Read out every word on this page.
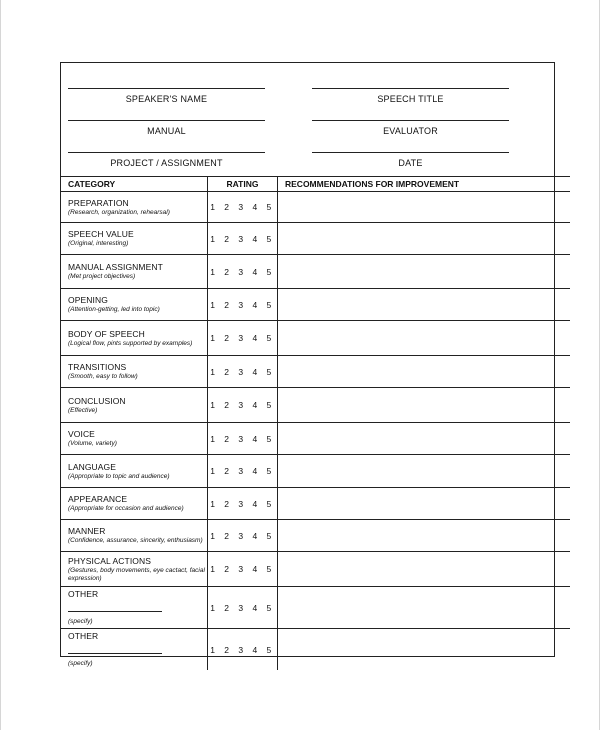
SPEAKER'S NAME	SPEECH TITLE
MANUAL	EVALUATOR
PROJECT / ASSIGNMENT	DATE
CATEGORY	RATING	RECOMMENDATIONS FOR IMPROVEMENT

PREPARATION
(Research, organization, rehearsal)	1 2 3 4 5	

SPEECH VALUE
(Original, interesting)	1 2 3 4 5	

MANUAL ASSIGNMENT
(Met project objectives)	1 2 3 4 5	

OPENING
(Attention-getting, led into topic)	1 2 3 4 5	

BODY OF SPEECH
(Logical flow, pints supported by examples)	1 2 3 4 5	

TRANSITIONS
(Smooth, easy to follow)	1 2 3 4 5	

CONCLUSION
(Effective)	1 2 3 4 5	

VOICE
(Volume, variety)	1 2 3 4 5	

LANGUAGE
(Appropriate to topic and audience)	1 2 3 4 5	

APPEARANCE
(Appropriate for occasion and audience)	1 2 3 4 5	

MANNER
(Confidence, assurance, sincerity, enthusiasm)	1 2 3 4 5	

PHYSICAL ACTIONS
(Gestures, body movements, eye cactact, facial expression)	1 2 3 4 5	

OTHER
(specify)	1 2 3 4 5	

OTHER
(specify)	1 2 3 4 5	
